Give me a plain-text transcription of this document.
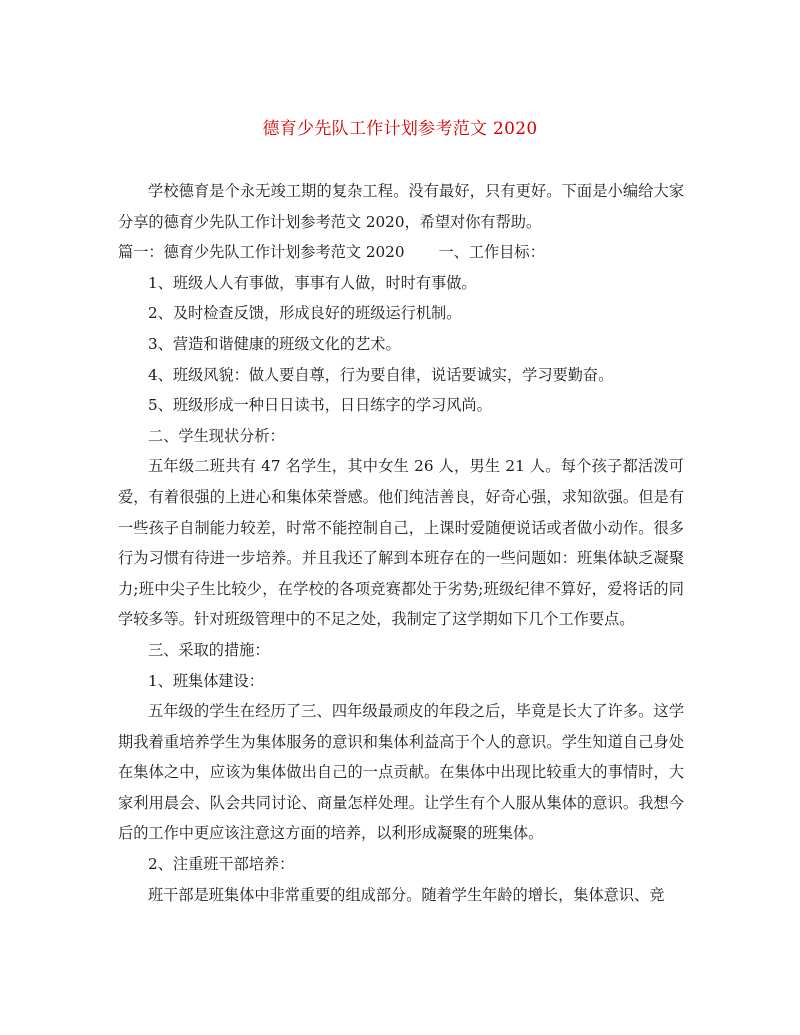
德育少先队工作计划参考范文 2020

学校德育是个永无竣工期的复杂工程。没有最好，只有更好。下面是小编给大家分享的德育少先队工作计划参考范文 2020，希望对你有帮助。

篇一：德育少先队工作计划参考范文 2020 一、工作目标：

1、班级人人有事做，事事有人做，时时有事做。

2、及时检查反馈，形成良好的班级运行机制。

3、营造和谐健康的班级文化的艺术。

4、班级风貌：做人要自尊，行为要自律，说话要诚实，学习要勤奋。

5、班级形成一种日日读书，日日练字的学习风尚。

二、学生现状分析：

五年级二班共有 47 名学生，其中女生 26 人，男生 21 人。每个孩子都活泼可爱，有着很强的上进心和集体荣誉感。他们纯洁善良，好奇心强，求知欲强。但是有一些孩子自制能力较差，时常不能控制自己，上课时爱随便说话或者做小动作。很多行为习惯有待进一步培养。并且我还了解到本班存在的一些问题如：班集体缺乏凝聚力;班中尖子生比较少，在学校的各项竞赛都处于劣势;班级纪律不算好，爱将话的同学较多等。针对班级管理中的不足之处，我制定了这学期如下几个工作要点。

三、采取的措施：

1、班集体建设：

五年级的学生在经历了三、四年级最顽皮的年段之后，毕竟是长大了许多。这学期我着重培养学生为集体服务的意识和集体利益高于个人的意识。学生知道自己身处在集体之中，应该为集体做出自己的一点贡献。在集体中出现比较重大的事情时，大家利用晨会、队会共同讨论、商量怎样处理。让学生有个人服从集体的意识。我想今后的工作中更应该注意这方面的培养，以利形成凝聚的班集体。

2、注重班干部培养：

班干部是班集体中非常重要的组成部分。随着学生年龄的增长，集体意识、竞
